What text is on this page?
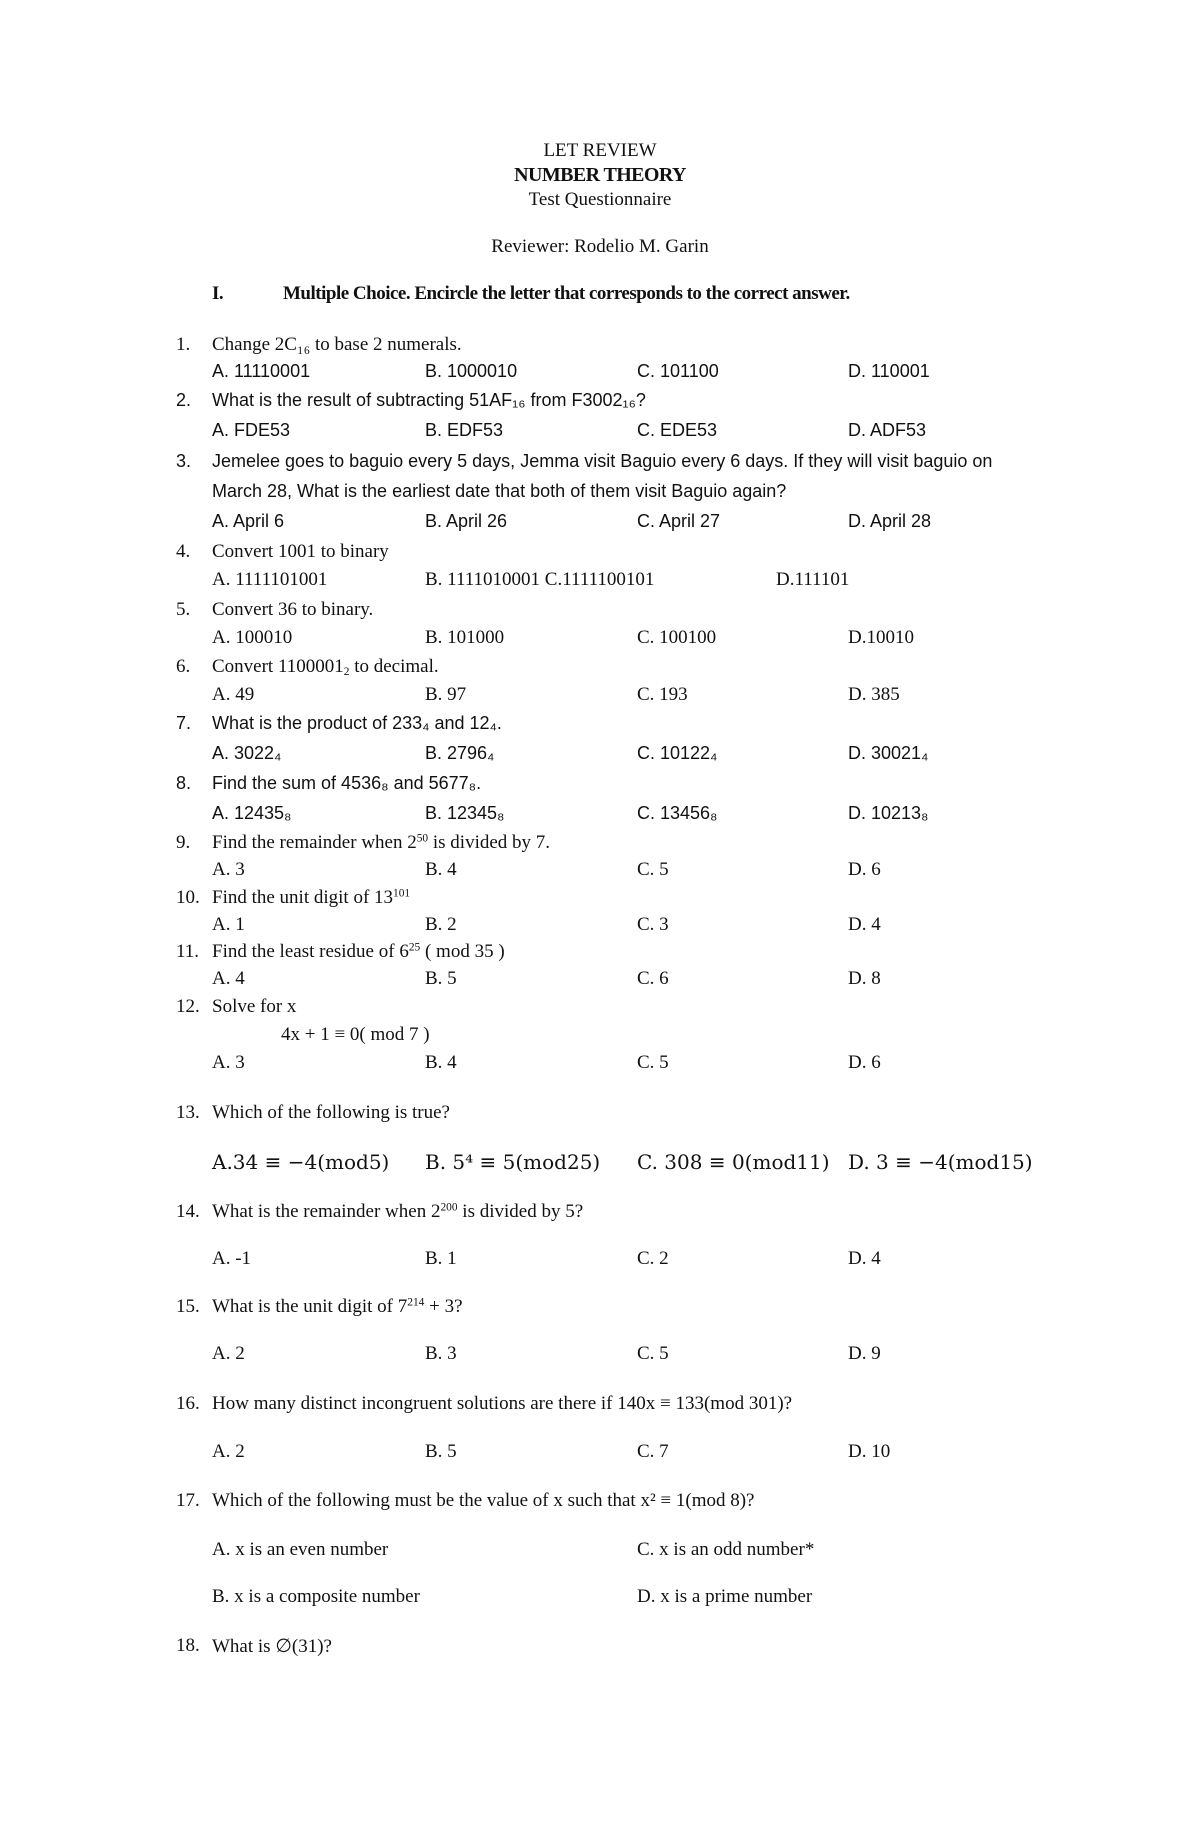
LET REVIEW
NUMBER THEORY
Test Questionnaire
Reviewer: Rodelio M. Garin
I.	Multiple Choice. Encircle the letter that corresponds to the correct answer.
1. Change 2C₁₆ to base 2 numerals.
A. 11110001	B. 1000010	C. 101100	D. 110001
2. What is the result of subtracting 51AF₁₆ from F3002₁₆?
A. FDE53	B. EDF53	C. EDE53	D. ADF53
3. Jemelee goes to baguio every 5 days, Jemma visit Baguio every 6 days. If they will visit baguio on
March 28, What is the earliest date that both of them visit Baguio again?
A. April 6	B. April 26	C. April 27	D. April 28
4. Convert 1001 to binary
A. 1111101001	B. 1111010001 C.1111100101	D.111101
5. Convert 36 to binary.
A. 100010	B. 101000	C. 100100	D.10010
6. Convert $1100001_2$ to decimal.
A. 49	B. 97	C. 193	D. 385
7. What is the product of 233₄ and 12₄.
A. 3022₄	B. 2796₄	C. 10122₄	D. 30021₄
8. Find the sum of 4536₈ and 5677₈.
A. 12435₈	B. 12345₈	C. 13456₈	D. 10213₈
9. Find the remainder when $2^{50}$ is divided by 7.
A. 3	B. 4	C. 5	D. 6
10. Find the unit digit of $13^{101}$
A. 1	B. 2	C. 3	D. 4
11. Find the least residue of $6^{25}$ ( mod 35 )
A. 4	B. 5	C. 6	D. 8
12. Solve for x
4x + 1 ≡ 0( mod 7 )
A. 3	B. 4	C. 5	D. 6
13. Which of the following is true?
A.34 ≡ −4(mod5) B. 5⁴ ≡ 5(mod25) C. 308 ≡ 0(mod11) D. 3 ≡ −4(mod15)
14. What is the remainder when $2^{200}$ is divided by 5?
A. -1	B. 1	C. 2	D. 4
15. What is the unit digit of $7^{214} + 3$?
A. 2	B. 3	C. 5	D. 9
16. How many distinct incongruent solutions are there if 140x ≡ 133(mod 301)?
A. 2	B. 5	C. 7	D. 10
17. Which of the following must be the value of x such that x² ≡ 1(mod 8)?
A. x is an even number	C. x is an odd number*
B. x is a composite number	D. x is a prime number
18. What is ∅(31)?
